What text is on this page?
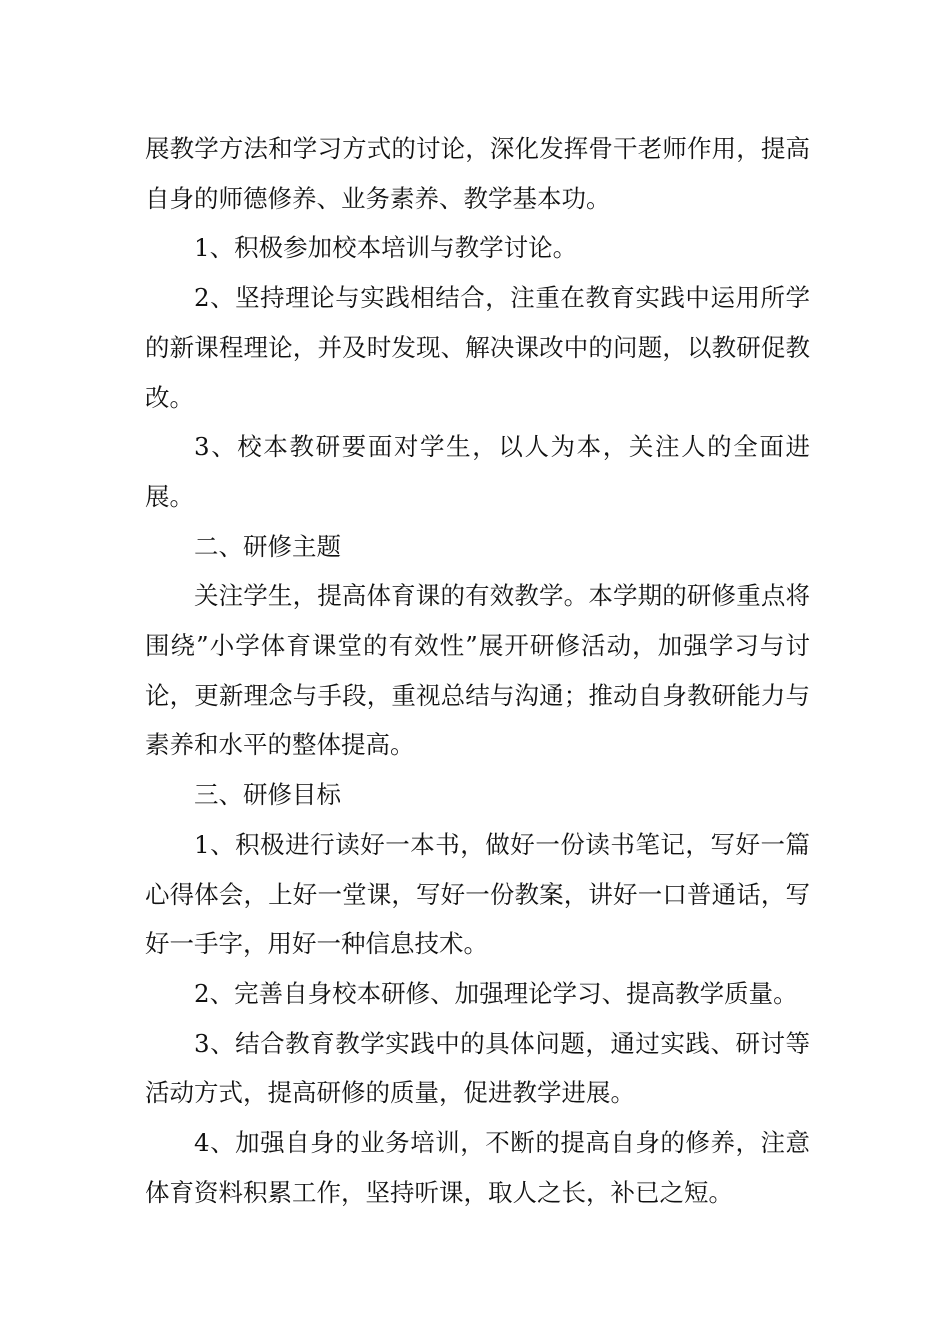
展教学方法和学习方式的讨论，深化发挥骨干老师作用，提高自身的师德修养、业务素养、教学基本功。

1、积极参加校本培训与教学讨论。

2、坚持理论与实践相结合，注重在教育实践中运用所学的新课程理论，并及时发现、解决课改中的问题，以教研促教改。

3、校本教研要面对学生，以人为本，关注人的全面进展。

二、研修主题

关注学生，提高体育课的有效教学。本学期的研修重点将围绕”小学体育课堂的有效性”展开研修活动，加强学习与讨论，更新理念与手段，重视总结与沟通；推动自身教研能力与素养和水平的整体提高。

三、研修目标

1、积极进行读好一本书，做好一份读书笔记，写好一篇心得体会，上好一堂课，写好一份教案，讲好一口普通话，写好一手字，用好一种信息技术。

2、完善自身校本研修、加强理论学习、提高教学质量。

3、结合教育教学实践中的具体问题，通过实践、研讨等活动方式，提高研修的质量，促进教学进展。

4、加强自身的业务培训，不断的提高自身的修养，注意体育资料积累工作，坚持听课，取人之长，补已之短。
